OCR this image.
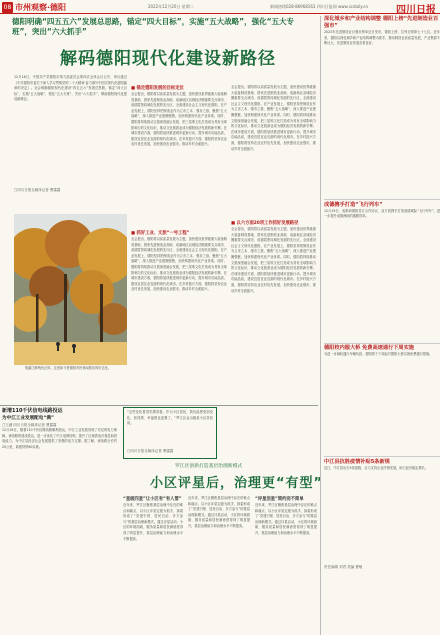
08 市州观察·德阳	2022年12月20日 星期二	新闻热线028-86968163 四川日报网 www.scdaily.cn	四川日报
德阳明确“四五五六”发展总思路，锚定“四大目标”，实施“五大战略”，强化“五大专班”，突出“六大抓手”
解码德阳现代化建设新路径
12月16日，中国共产党德阳市第九届委员会第四次全体会议召开，审议通过《中共德阳市委关于深入学习贯彻党的二十大精神 奋力谱写中国式现代化德阳篇章的决定》。全会明确德阳现代化建设“四五五六”发展总思路，锚定“四大目标”，实施“五大战略”，强化“五大专班”，突出“六大抓手”，擘画德阳现代化建设新路径。
□四川日报全媒体记者 曹露露
旌湖之畔秋色正浓。这里如今是德阳市民休闲娱乐的好去处。
■ 锚定德阳发展的目标定位
全会提出，德阳将以高质量发展为主题，加快建设世界级重大装备制造基地、国家先进制造业高地、成渝地区双城经济圈重要支点城市、成德眉资同城化发展的先行区，全面建设社会主义现代化德阳。在产业发展上，德阳坚持把制造业作为立市之本、强市之基，聚焦“五大战略”，深入推进产业建圈强链，加快构建现代化产业体系。同时，德阳将持续推动文旅深度融合发展，把三星堆文化打造成为具有全球影响力的文化标识，推动文化旅游业成为德阳经济发展的新引擎。在城市建设方面，德阳将加快推进城市更新行动，提升城市功能品质，建设宜居宜业宜游的现代化城市。在乡村振兴方面，德阳将坚持农业农村优先发展，加快建设农业强市，推动乡村全面振兴。
■ 抓好工业、文旅“一号工程”
全会提出，德阳将以高质量发展为主题，加快建设世界级重大装备制造基地、国家先进制造业高地、成渝地区双城经济圈重要支点城市、成德眉资同城化发展的先行区，全面建设社会主义现代化德阳。在产业发展上，德阳坚持把制造业作为立市之本、强市之基，聚焦“五大战略”，深入推进产业建圈强链，加快构建现代化产业体系。同时，德阳将持续推动文旅深度融合发展，把三星堆文化打造成为具有全球影响力的文化标识，推动文化旅游业成为德阳经济发展的新引擎。在城市建设方面，德阳将加快推进城市更新行动，提升城市功能品质，建设宜居宜业宜游的现代化城市。在乡村振兴方面，德阳将坚持农业农村优先发展，加快建设农业强市，推动乡村全面振兴。
全会提出，德阳将以高质量发展为主题，加快建设世界级重大装备制造基地、国家先进制造业高地、成渝地区双城经济圈重要支点城市、成德眉资同城化发展的先行区，全面建设社会主义现代化德阳。在产业发展上，德阳坚持把制造业作为立市之本、强市之基，聚焦“五大战略”，深入推进产业建圈强链，加快构建现代化产业体系。同时，德阳将持续推动文旅深度融合发展，把三星堆文化打造成为具有全球影响力的文化标识，推动文化旅游业成为德阳经济发展的新引擎。在城市建设方面，德阳将加快推进城市更新行动，提升城市功能品质，建设宜居宜业宜游的现代化城市。在乡村振兴方面，德阳将坚持农业农村优先发展，加快建设农业强市，推动乡村全面振兴。
■ 以六方面20项工作抓好发展路径
全会提出，德阳将以高质量发展为主题，加快建设世界级重大装备制造基地、国家先进制造业高地、成渝地区双城经济圈重要支点城市、成德眉资同城化发展的先行区，全面建设社会主义现代化德阳。在产业发展上，德阳坚持把制造业作为立市之本、强市之基，聚焦“五大战略”，深入推进产业建圈强链，加快构建现代化产业体系。同时，德阳将持续推动文旅深度融合发展，把三星堆文化打造成为具有全球影响力的文化标识，推动文化旅游业成为德阳经济发展的新引擎。在城市建设方面，德阳将加快推进城市更新行动，提升城市功能品质，建设宜居宜业宜游的现代化城市。在乡村振兴方面，德阳将坚持农业农村优先发展，加快建设农业强市，推动乡村全面振兴。
新增110千伏信电线路投运
为中江工业发展配电“满”
□王涵 四川日报全媒体记者 曹露露
12月16日，随着110千伏信路线路顺利投运，中江工业发展得到了充足的电力保障。该线路的建成投运，进一步优化了中江电网结构，提升了区域供电可靠性和供电能力，为中江县经济社会发展提供了坚强的电力支撑。据了解，该线路全长约20公里，新建铁塔60余基。
“这些变化看得见摸得着。作为小区居民，我们能感受到变化，获得感、幸福感也更强了。”罗江区金山镇某小区居民说。
□四川日报全媒体记者 曹露露
罗江区创新打造基层治理新模式
小区评星后，治理更“有型”
“星级四星”让小区有“有人管”
近年来，罗江区聚焦基层治理中存在的难点和痛点，以小区评星定级为抓手，探索形成了“党建引领、居民自治、多方参与”的基层治理新模式。通过评星活动，小区的环境面貌、服务质量和居民满意度得到了明显提升，基层治理能力和治理水平不断提高。
近年来，罗江区聚焦基层治理中存在的难点和痛点，以小区评星定级为抓手，探索形成了“党建引领、居民自治、多方参与”的基层治理新模式。通过评星活动，小区的环境面貌、服务质量和居民满意度得到了明显提升，基层治理能力和治理水平不断提高。
“评星创星”简约而不简单
近年来，罗江区聚焦基层治理中存在的难点和痛点，以小区评星定级为抓手，探索形成了“党建引领、居民自治、多方参与”的基层治理新模式。通过评星活动，小区的环境面貌、服务质量和居民满意度得到了明显提升，基层治理能力和治理水平不断提高。
深化城乡和产业结构调整 德阳上榜“先进制造业百强市”
2022年先进制造业百强市榜单近日发布，德阳上榜，位列全国第七十七位。近年来，德阳以深化城乡和产业结构调整为抓手，推动制造业高质量发展，产业集群不断壮大，先进制造业发展态势良好。
成德携手打造“飞行列车”
12月19日，成都和德阳签订合作协议，双方将携手打造成德城际“飞行列车”，进一步提升成德两地的通勤效率。
德阳校内服大桥 免费高速通行下周实施
为进一步减轻通行车辆负担，德阳将于下周起对德阳大桥实施免费通行措施。
中江县抗胜疫情补贴5条新规
近日，中江县出台5条措施，全力支持企业纾困发展，助力经济稳定增长。
责任编辑 刘君 美编 曹敏
